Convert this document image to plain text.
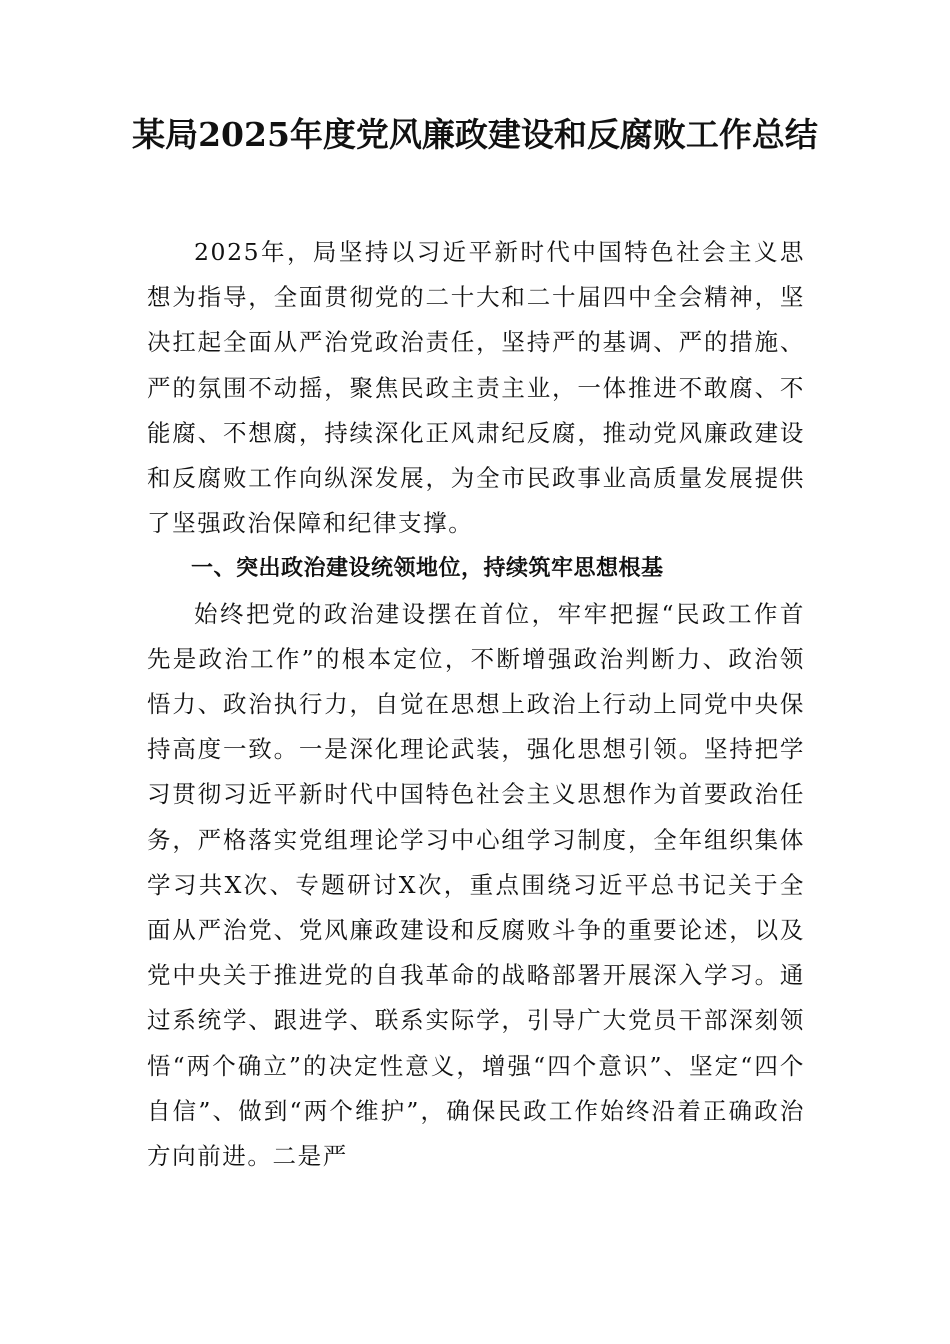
某局2025年度党风廉政建设和反腐败工作总结

2025年，局坚持以习近平新时代中国特色社会主义思想为指导，全面贯彻党的二十大和二十届四中全会精神，坚决扛起全面从严治党政治责任，坚持严的基调、严的措施、严的氛围不动摇，聚焦民政主责主业，一体推进不敢腐、不能腐、不想腐，持续深化正风肃纪反腐，推动党风廉政建设和反腐败工作向纵深发展，为全市民政事业高质量发展提供了坚强政治保障和纪律支撑。

一、突出政治建设统领地位，持续筑牢思想根基

始终把党的政治建设摆在首位，牢牢把握“民政工作首先是政治工作”的根本定位，不断增强政治判断力、政治领悟力、政治执行力，自觉在思想上政治上行动上同党中央保持高度一致。一是深化理论武装，强化思想引领。坚持把学习贯彻习近平新时代中国特色社会主义思想作为首要政治任务，严格落实党组理论学习中心组学习制度，全年组织集体学习共X次、专题研讨X次，重点围绕习近平总书记关于全面从严治党、党风廉政建设和反腐败斗争的重要论述，以及党中央关于推进党的自我革命的战略部署开展深入学习。通过系统学、跟进学、联系实际学，引导广大党员干部深刻领悟“两个确立”的决定性意义，增强“四个意识”、坚定“四个自信”、做到“两个维护”，确保民政工作始终沿着正确政治方向前进。二是严
